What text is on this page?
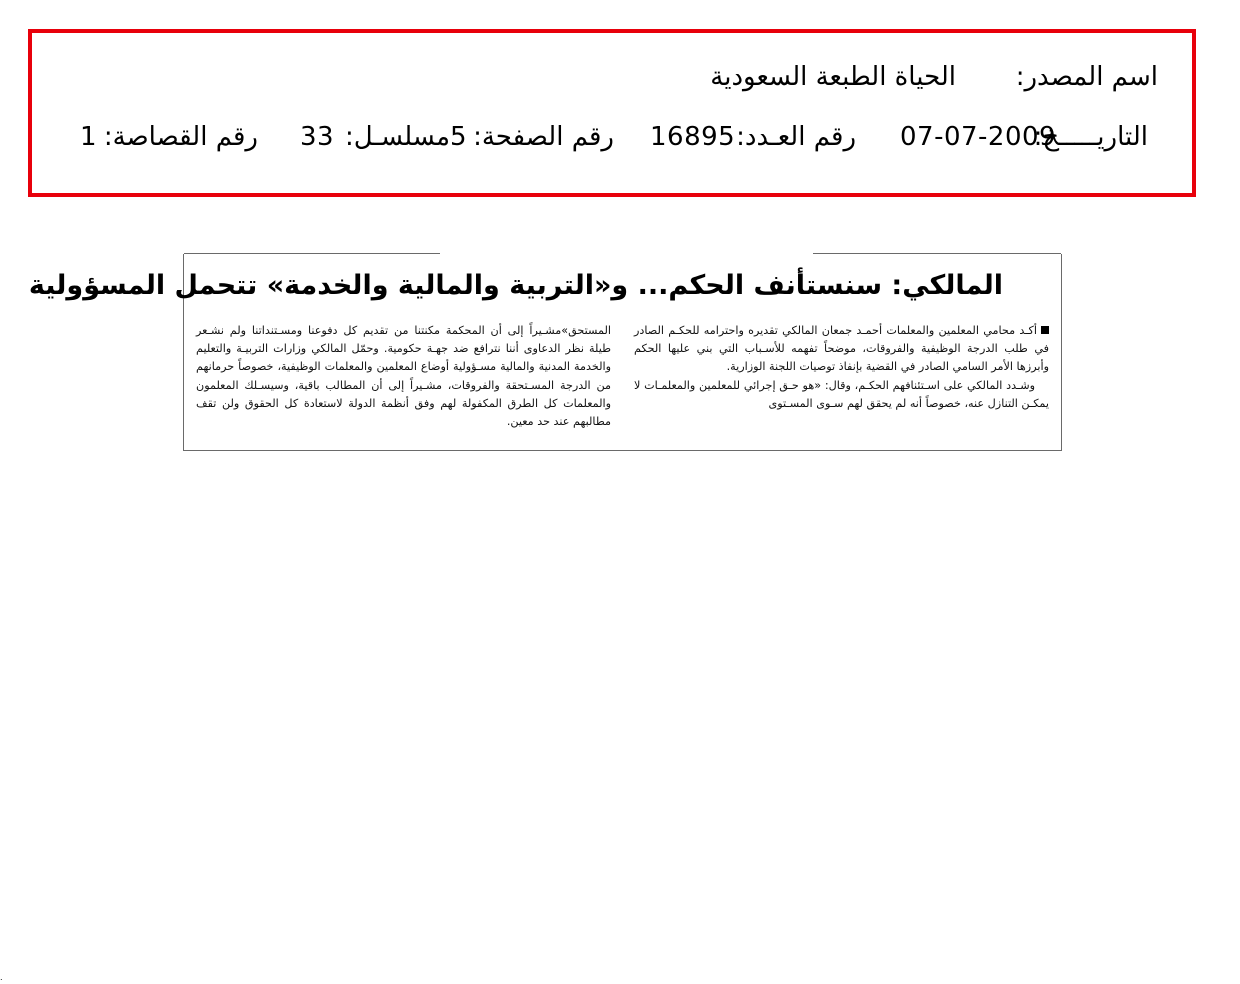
اسم المصدر:
الحياة الطبعة السعودية
التاريـــــخ:
07-07-2009
رقم العـدد:
16895
رقم الصفحة:
5
مسلسـل:
33
رقم القصاصة:
1
المالكي: سنستأنف الحكم... و«التربية والمالية والخدمة» تتحمل المسؤولية

أكـد محامي المعلمين والمعلمات أحمـد جمعان المالكي تقديره واحترامه للحكـم الصادر في طلب الدرجة الوظيفية والفروقات، موضحاً تفهمه للأسـباب التي بني عليها الحكم وأبرزها الأمر السامي الصادر في القضية بإنفاذ توصيات اللجنة الوزارية.

وشـدد المالكي على اسـتئنافهم الحكـم، وقال: «هو حـق إجرائي للمعلمين والمعلمـات لا يمكـن التنازل عنه، خصوصاً أنه لم يحقق لهم سـوى المسـتوى

المستحق»مشـيراً إلى أن المحكمة مكنتنا من تقديم كل دفوعنا ومسـتنداتنا ولم نشـعر طيلة نظر الدعاوى أننا نترافع ضد جهـة حكومية. وحمّل المالكي وزارات التربيـة والتعليم والخدمة المدنية والمالية مسـؤولية أوضاع المعلمين والمعلمات الوظيفية، خصوصاً حرمانهم من الدرجة المسـتحقة والفروقات، مشـيراً إلى أن المطالب باقية، وسيسـلك المعلمون والمعلمات كل الطرق المكفولة لهم وفق أنظمة الدولة لاستعادة كل الحقوق ولن تقف مطالبهم عند حد معين.

.
